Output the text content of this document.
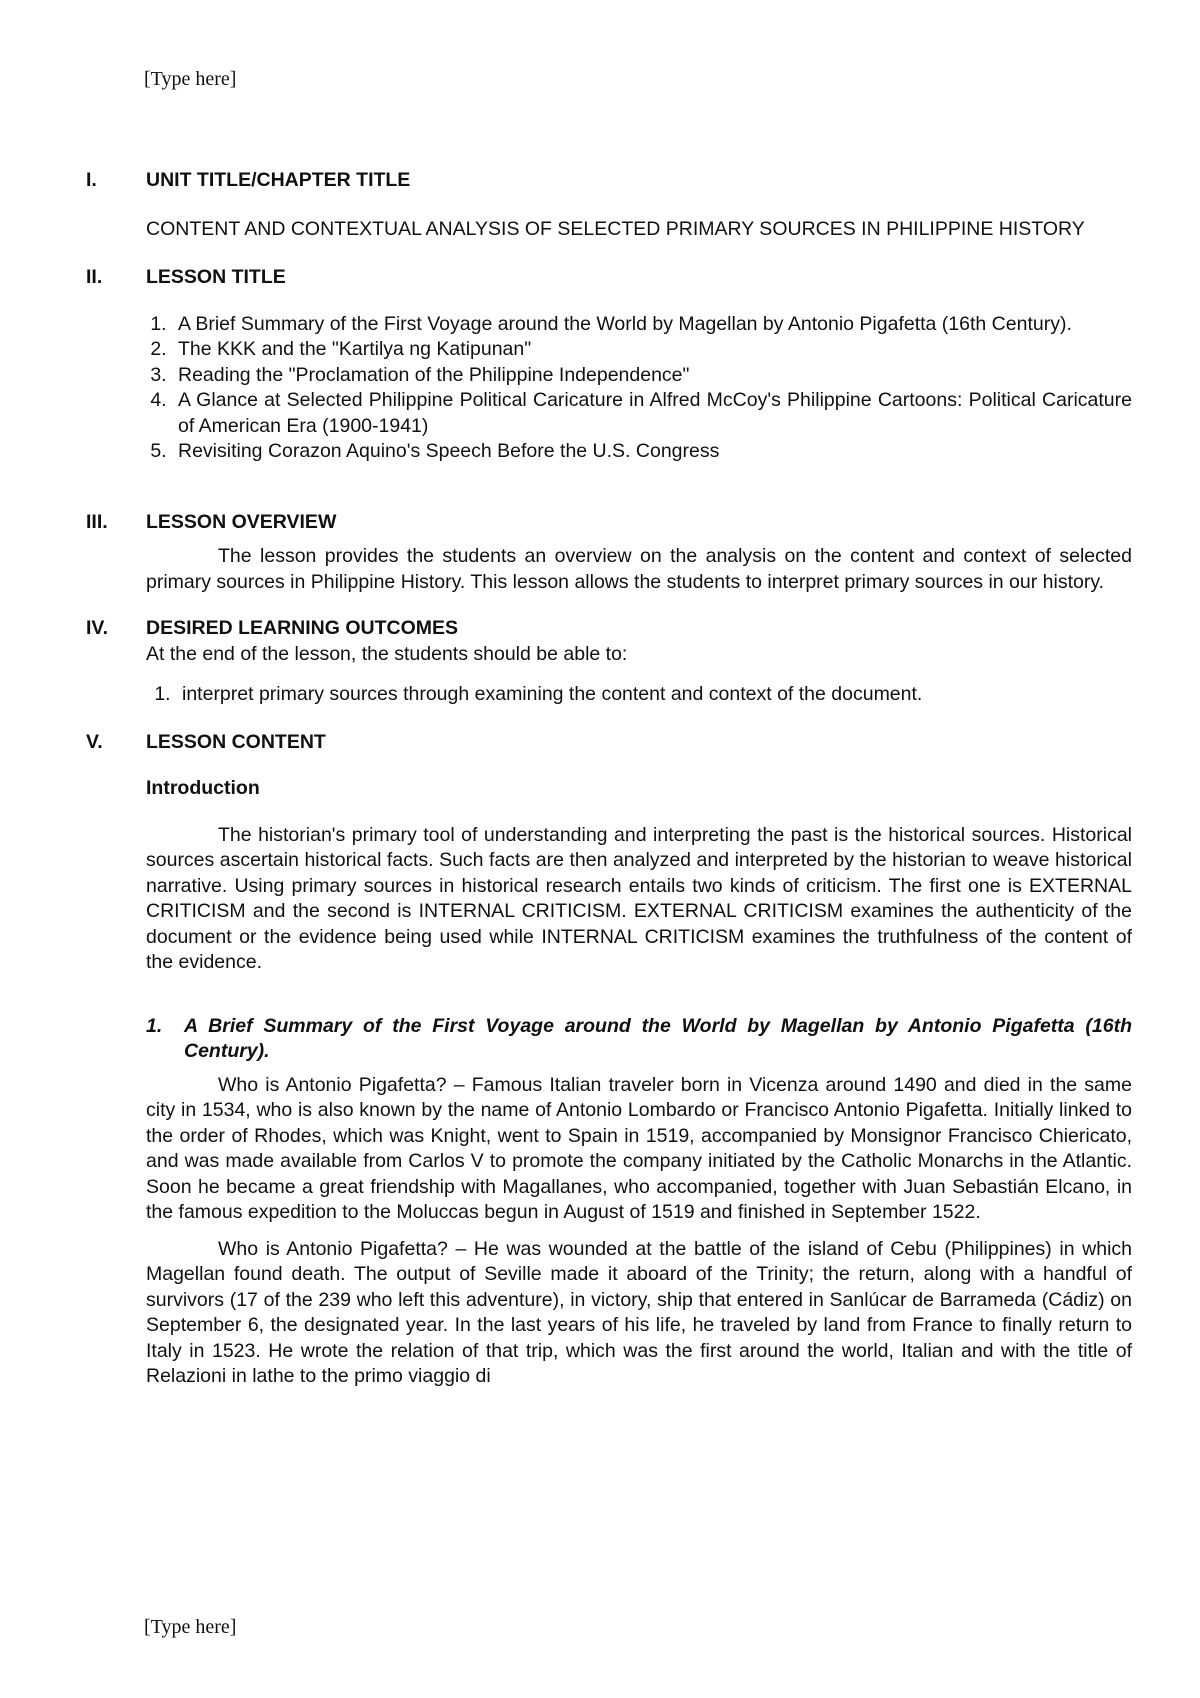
[Type here]
I.	UNIT TITLE/CHAPTER TITLE
CONTENT AND CONTEXTUAL ANALYSIS OF SELECTED PRIMARY SOURCES IN PHILIPPINE HISTORY
II.	LESSON TITLE
1. A Brief Summary of the First Voyage around the World by Magellan by Antonio Pigafetta (16th Century).
2. The KKK and the "Kartilya ng Katipunan"
3. Reading the "Proclamation of the Philippine Independence"
4. A Glance at Selected Philippine Political Caricature in Alfred McCoy's Philippine Cartoons: Political Caricature of American Era (1900-1941)
5. Revisiting Corazon Aquino's Speech Before the U.S. Congress
III.	LESSON OVERVIEW
The lesson provides the students an overview on the analysis on the content and context of selected primary sources in Philippine History. This lesson allows the students to interpret primary sources in our history.
IV.	DESIRED LEARNING OUTCOMES
At the end of the lesson, the students should be able to:
1. interpret primary sources through examining the content and context of the document.
V.	LESSON CONTENT
Introduction
The historian's primary tool of understanding and interpreting the past is the historical sources. Historical sources ascertain historical facts. Such facts are then analyzed and interpreted by the historian to weave historical narrative. Using primary sources in historical research entails two kinds of criticism. The first one is EXTERNAL CRITICISM and the second is INTERNAL CRITICISM. EXTERNAL CRITICISM examines the authenticity of the document or the evidence being used while INTERNAL CRITICISM examines the truthfulness of the content of the evidence.
1.	A Brief Summary of the First Voyage around the World by Magellan by Antonio Pigafetta (16th Century).
Who is Antonio Pigafetta? – Famous Italian traveler born in Vicenza around 1490 and died in the same city in 1534, who is also known by the name of Antonio Lombardo or Francisco Antonio Pigafetta. Initially linked to the order of Rhodes, which was Knight, went to Spain in 1519, accompanied by Monsignor Francisco Chiericato, and was made available from Carlos V to promote the company initiated by the Catholic Monarchs in the Atlantic. Soon he became a great friendship with Magallanes, who accompanied, together with Juan Sebastián Elcano, in the famous expedition to the Moluccas begun in August of 1519 and finished in September 1522.
Who is Antonio Pigafetta? – He was wounded at the battle of the island of Cebu (Philippines) in which Magellan found death. The output of Seville made it aboard of the Trinity; the return, along with a handful of survivors (17 of the 239 who left this adventure), in victory, ship that entered in Sanlúcar de Barrameda (Cádiz) on September 6, the designated year. In the last years of his life, he traveled by land from France to finally return to Italy in 1523. He wrote the relation of that trip, which was the first around the world, Italian and with the title of Relazioni in lathe to the primo viaggio di
[Type here]
